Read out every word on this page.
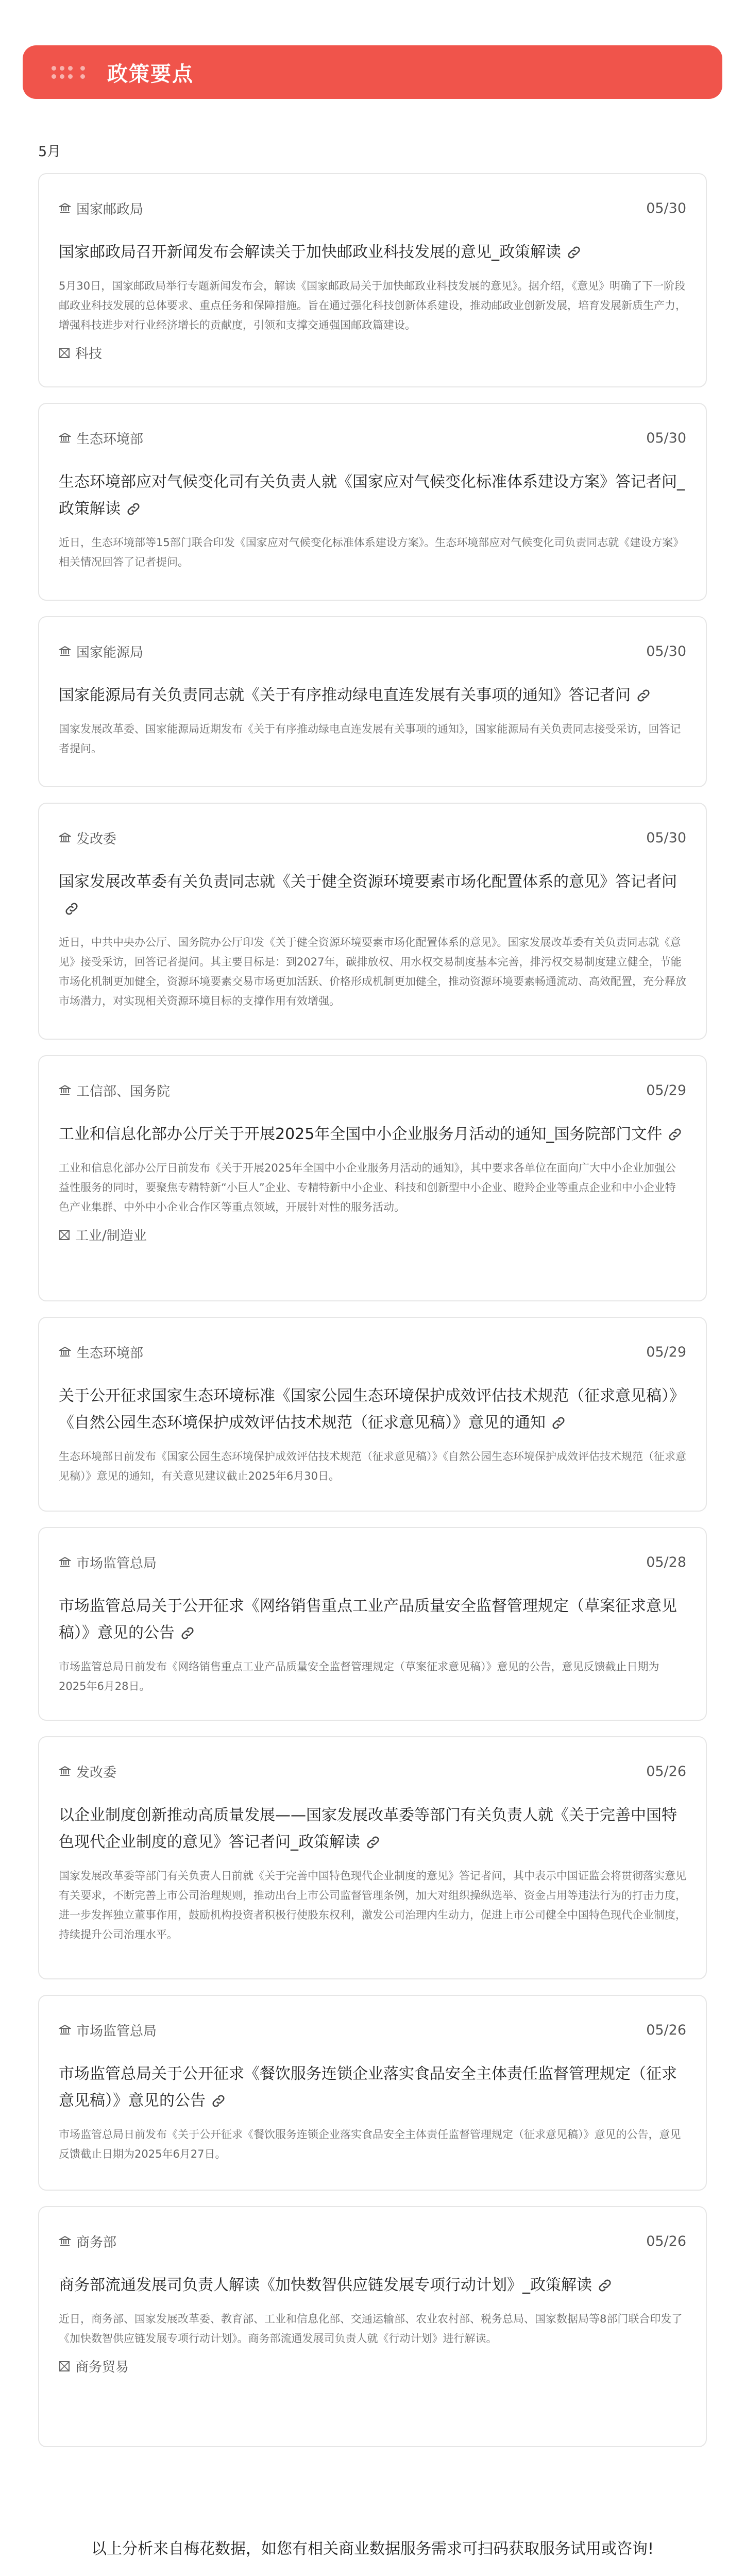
政策要点
5月
国家邮政局	05/30
国家邮政局召开新闻发布会解读关于加快邮政业科技发展的意见_政策解读
5月30日，国家邮政局举行专题新闻发布会，解读《国家邮政局关于加快邮政业科技发展的意见》。据介绍，《意见》明确了下一阶段邮政业科技发展的总体要求、重点任务和保障措施。旨在通过强化科技创新体系建设，推动邮政业创新发展，培育发展新质生产力，增强科技进步对行业经济增长的贡献度，引领和支撑交通强国邮政篇建设。
科技
生态环境部	05/30
生态环境部应对气候变化司有关负责人就《国家应对气候变化标准体系建设方案》答记者问_政策解读
近日，生态环境部等15部门联合印发《国家应对气候变化标准体系建设方案》。生态环境部应对气候变化司负责同志就《建设方案》相关情况回答了记者提问。
国家能源局	05/30
国家能源局有关负责同志就《关于有序推动绿电直连发展有关事项的通知》答记者问
国家发展改革委、国家能源局近期发布《关于有序推动绿电直连发展有关事项的通知》，国家能源局有关负责同志接受采访，回答记者提问。
发改委	05/30
国家发展改革委有关负责同志就《关于健全资源环境要素市场化配置体系的意见》答记者问
近日，中共中央办公厅、国务院办公厅印发《关于健全资源环境要素市场化配置体系的意见》。国家发展改革委有关负责同志就《意见》接受采访，回答记者提问。其主要目标是：到2027年，碳排放权、用水权交易制度基本完善，排污权交易制度建立健全，节能市场化机制更加健全，资源环境要素交易市场更加活跃、价格形成机制更加健全，推动资源环境要素畅通流动、高效配置，充分释放市场潜力，对实现相关资源环境目标的支撑作用有效增强。
工信部、国务院	05/29
工业和信息化部办公厅关于开展2025年全国中小企业服务月活动的通知_国务院部门文件
工业和信息化部办公厅日前发布《关于开展2025年全国中小企业服务月活动的通知》，其中要求各单位在面向广大中小企业加强公益性服务的同时，要聚焦专精特新“小巨人”企业、专精特新中小企业、科技和创新型中小企业、瞪羚企业等重点企业和中小企业特色产业集群、中外中小企业合作区等重点领域，开展针对性的服务活动。
工业/制造业
生态环境部	05/29
关于公开征求国家生态环境标准《国家公园生态环境保护成效评估技术规范（征求意见稿）》《自然公园生态环境保护成效评估技术规范（征求意见稿）》意见的通知
生态环境部日前发布《国家公园生态环境保护成效评估技术规范（征求意见稿）》《自然公园生态环境保护成效评估技术规范（征求意见稿）》意见的通知，有关意见建议截止2025年6月30日。
市场监管总局	05/28
市场监管总局关于公开征求《网络销售重点工业产品质量安全监督管理规定（草案征求意见稿）》意见的公告
市场监管总局日前发布《网络销售重点工业产品质量安全监督管理规定（草案征求意见稿）》意见的公告，意见反馈截止日期为2025年6月28日。
发改委	05/26
以企业制度创新推动高质量发展——国家发展改革委等部门有关负责人就《关于完善中国特色现代企业制度的意见》答记者问_政策解读
国家发展改革委等部门有关负责人日前就《关于完善中国特色现代企业制度的意见》答记者问，其中表示中国证监会将贯彻落实意见有关要求，不断完善上市公司治理规则，推动出台上市公司监督管理条例，加大对组织操纵选举、资金占用等违法行为的打击力度，进一步发挥独立董事作用，鼓励机构投资者积极行使股东权利，激发公司治理内生动力，促进上市公司健全中国特色现代企业制度，持续提升公司治理水平。
市场监管总局	05/26
市场监管总局关于公开征求《餐饮服务连锁企业落实食品安全主体责任监督管理规定（征求意见稿）》意见的公告
市场监管总局日前发布《关于公开征求《餐饮服务连锁企业落实食品安全主体责任监督管理规定（征求意见稿）》意见的公告，意见反馈截止日期为2025年6月27日。
商务部	05/26
商务部流通发展司负责人解读《加快数智供应链发展专项行动计划》_政策解读
近日，商务部、国家发展改革委、教育部、工业和信息化部、交通运输部、农业农村部、税务总局、国家数据局等8部门联合印发了《加快数智供应链发展专项行动计划》。商务部流通发展司负责人就《行动计划》进行解读。
商务贸易
以上分析来自梅花数据，如您有相关商业数据服务需求可扫码获取服务试用或咨询!
